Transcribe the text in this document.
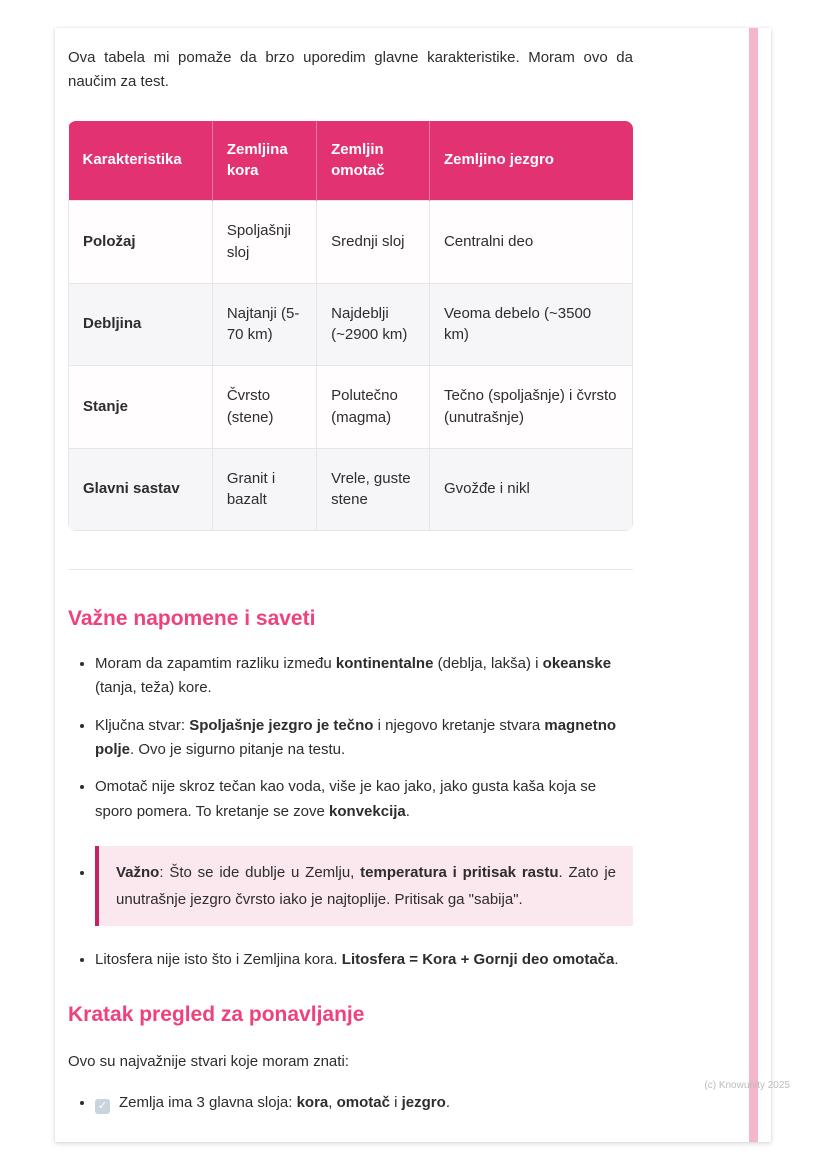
Ova tabela mi pomaže da brzo uporedim glavne karakteristike. Moram ovo da naučim za test.

Karakteristika	Zemljina kora	Zemljin omotač	Zemljino jezgro
Položaj	Spoljašnji sloj	Srednji sloj	Centralni deo
Debljina	Najtanji (5-70 km)	Najdeblji (~2900 km)	Veoma debelo (~3500 km)
Stanje	Čvrsto (stene)	Polutečno (magma)	Tečno (spoljašnje) i čvrsto (unutrašnje)
Glavni sastav	Granit i bazalt	Vrele, guste stene	Gvožđe i nikl
Važne napomene i saveti
• Moram da zapamtim razliku između kontinentalne (deblja, lakša) i okeanske (tanja, teža) kore.
• Ključna stvar: Spoljašnje jezgro je tečno i njegovo kretanje stvara magnetno polje. Ovo je sigurno pitanje na testu.
• Omotač nije skroz tečan kao voda, više je kao jako, jako gusta kaša koja se sporo pomera. To kretanje se zove konvekcija.
• Važno: Što se ide dublje u Zemlju, temperatura i pritisak rastu. Zato je unutrašnje jezgro čvrsto iako je najtoplije. Pritisak ga "sabija".
• Litosfera nije isto što i Zemljina kora. Litosfera = Kora + Gornji deo omotača.
Kratak pregled za ponavljanje

Ovo su najvažnije stvari koje moram znati:

• ✓ Zemlja ima 3 glavna sloja: kora, omotač i jezgro.
(c) Knowunity 2025
